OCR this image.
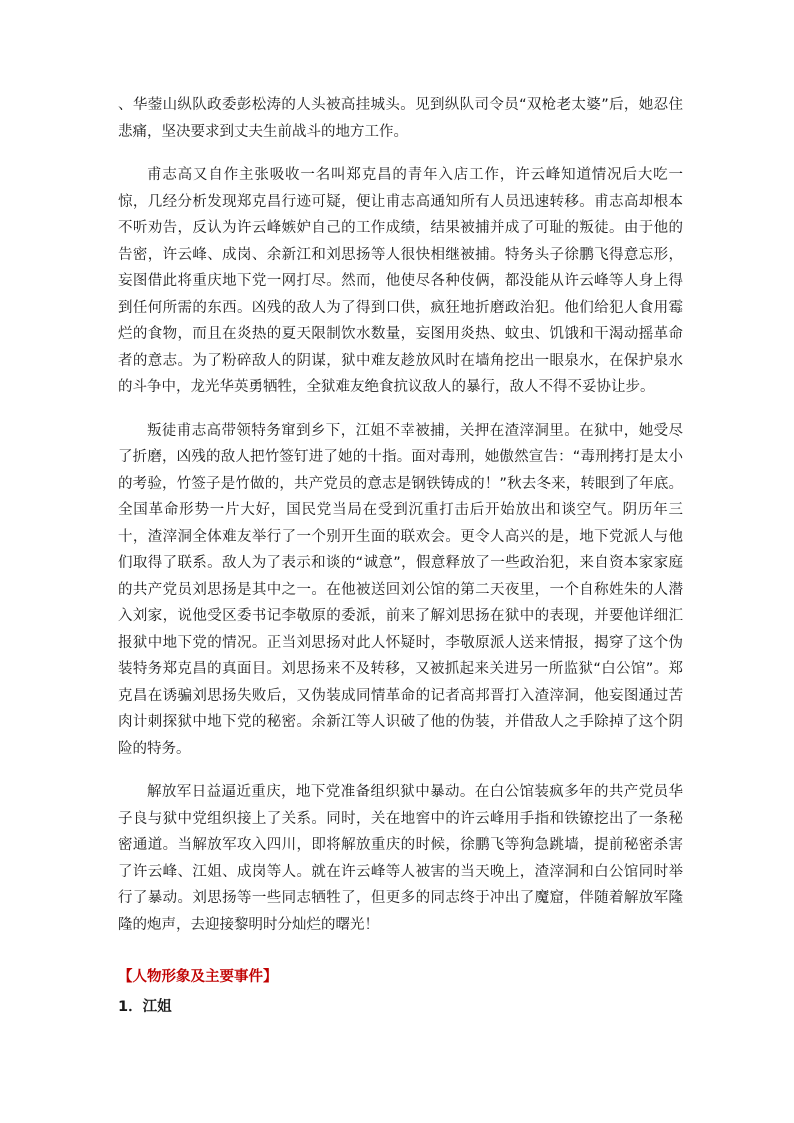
、华蓥山纵队政委彭松涛的人头被高挂城头。见到纵队司令员“双枪老太婆”后，她忍住悲痛，坚决要求到丈夫生前战斗的地方工作。

甫志高又自作主张吸收一名叫郑克昌的青年入店工作，许云峰知道情况后大吃一惊，几经分析发现郑克昌行迹可疑，便让甫志高通知所有人员迅速转移。甫志高却根本不听劝告，反认为许云峰嫉妒自己的工作成绩，结果被捕并成了可耻的叛徒。由于他的告密，许云峰、成岗、余新江和刘思扬等人很快相继被捕。特务头子徐鹏飞得意忘形，妄图借此将重庆地下党一网打尽。然而，他使尽各种伎俩，都没能从许云峰等人身上得到任何所需的东西。凶残的敌人为了得到口供，疯狂地折磨政治犯。他们给犯人食用霉烂的食物，而且在炎热的夏天限制饮水数量，妄图用炎热、蚊虫、饥饿和干渴动摇革命者的意志。为了粉碎敌人的阴谋，狱中难友趁放风时在墙角挖出一眼泉水，在保护泉水的斗争中，龙光华英勇牺牲，全狱难友绝食抗议敌人的暴行，敌人不得不妥协让步。

叛徒甫志高带领特务窜到乡下，江姐不幸被捕，关押在渣滓洞里。在狱中，她受尽了折磨，凶残的敌人把竹签钉进了她的十指。面对毒刑，她傲然宣告：“毒刑拷打是太小的考验，竹签子是竹做的，共产党员的意志是钢铁铸成的！”秋去冬来，转眼到了年底。全国革命形势一片大好，国民党当局在受到沉重打击后开始放出和谈空气。阴历年三十，渣滓洞全体难友举行了一个别开生面的联欢会。更令人高兴的是，地下党派人与他们取得了联系。敌人为了表示和谈的“诚意”，假意释放了一些政治犯，来自资本家家庭的共产党员刘思扬是其中之一。在他被送回刘公馆的第二天夜里，一个自称姓朱的人潜入刘家，说他受区委书记李敬原的委派，前来了解刘思扬在狱中的表现，并要他详细汇报狱中地下党的情况。正当刘思扬对此人怀疑时，李敬原派人送来情报，揭穿了这个伪装特务郑克昌的真面目。刘思扬来不及转移，又被抓起来关进另一所监狱“白公馆”。郑克昌在诱骗刘思扬失败后，又伪装成同情革命的记者高邦晋打入渣滓洞，他妄图通过苦肉计刺探狱中地下党的秘密。余新江等人识破了他的伪装，并借敌人之手除掉了这个阴险的特务。

解放军日益逼近重庆，地下党准备组织狱中暴动。在白公馆装疯多年的共产党员华子良与狱中党组织接上了关系。同时，关在地窖中的许云峰用手指和铁镣挖出了一条秘密通道。当解放军攻入四川，即将解放重庆的时候，徐鹏飞等狗急跳墙，提前秘密杀害了许云峰、江姐、成岗等人。就在许云峰等人被害的当天晚上，渣滓洞和白公馆同时举行了暴动。刘思扬等一些同志牺牲了，但更多的同志终于冲出了魔窟，伴随着解放军隆隆的炮声，去迎接黎明时分灿烂的曙光！

【人物形象及主要事件】

1．江姐
